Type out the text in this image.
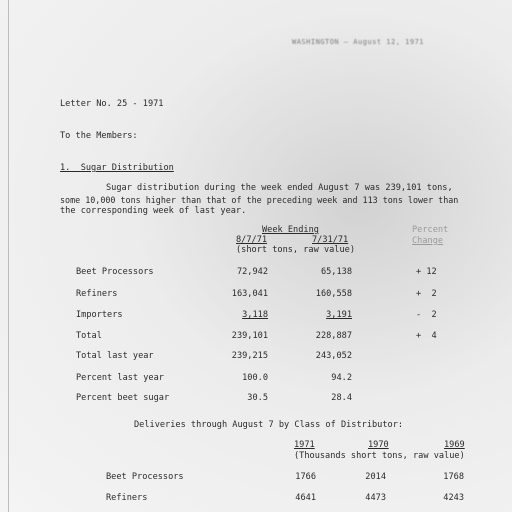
WASHINGTON — August 12, 1971
Letter No. 25 - 1971
To the Members:
1.  Sugar Distribution
Sugar distribution during the week ended August 7 was 239,101 tons,
some 10,000 tons higher than that of the preceding week and 113 tons lower than
the corresponding week of last year.
Week Ending
8/7/71	7/31/71
(short tons, raw value)
Percent
Change
Beet Processors	72,942	65,138	+ 12
Refiners	163,041	160,558	+  2
Importers	3,118	3,191	-  2
Total	239,101	228,887	+  4
Total last year	239,215	243,052
Percent last year	100.0	94.2
Percent beet sugar	30.5	28.4
Deliveries through August 7 by Class of Distributor:
1971	1970	1969
(Thousands short tons, raw value)
Beet Processors	1766	2014	1768
Refiners	4641	4473	4243
